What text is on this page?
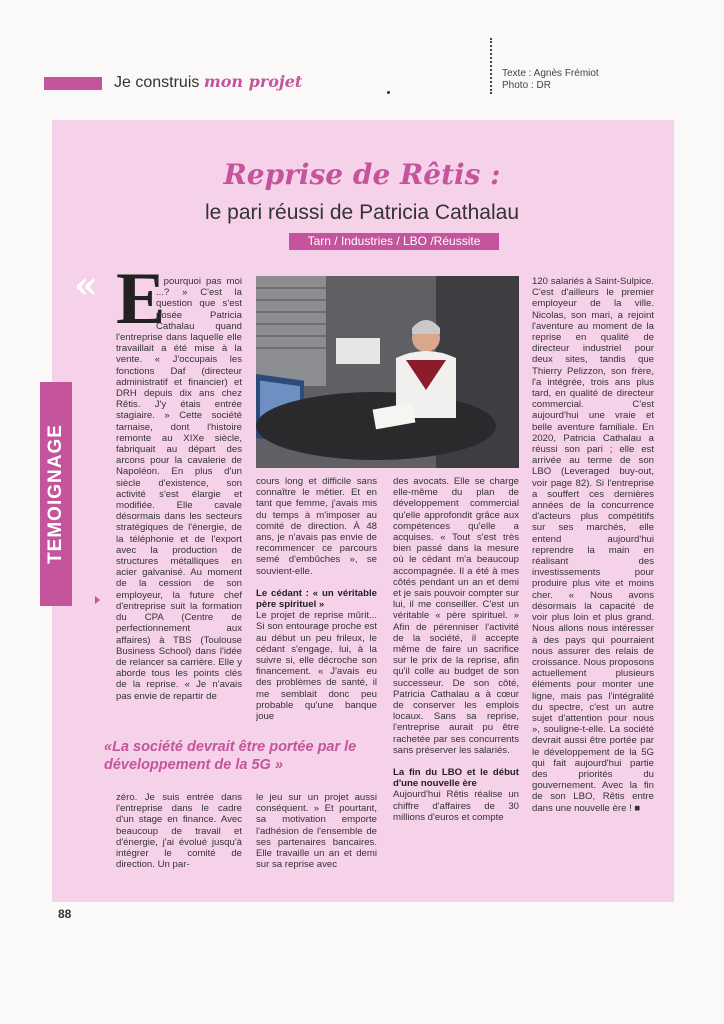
Je construis mon projet	Texte : Agnès Frémiot
Photo : DR
TEMOIGNAGE
Reprise de Rêtis :
le pari réussi de Patricia Cathalau
Tarn / Industries / LBO /Réussite
« E

t pourquoi pas moi ...? » C'est la question que s'est posée Patricia Cathalau quand l'entreprise dans laquelle elle travaillait a été mise à la vente. « J'occupais les fonctions Daf (directeur administratif et financier) et DRH depuis dix ans chez Rêtis. J'y étais entrée stagiaire. » Cette société tarnaise, dont l'histoire remonte au XIXe siècle, fabriquait au départ des arcons pour la cavalerie de Napoléon. En plus d'un siècle d'existence, son activité s'est élargie et modifiée. Elle cavale désormais dans les secteurs stratégiques de l'énergie, de la téléphonie et de l'export avec la production de structures métalliques en acier galvanisé. Au moment de la cession de son employeur, la future chef d'entreprise suit la formation du CPA (Centre de perfectionnement aux affaires) à TBS (Toulouse Business School) dans l'idée de relancer sa carrière. Elle y aborde tous les points clés de la reprise. « Je n'avais pas envie de repartir de

cours long et difficile sans connaître le métier. Et en tant que femme, j'avais mis du temps à m'imposer au comité de direction. À 48 ans, je n'avais pas envie de recommencer ce parcours semé d'embûches », se souvient-elle.

Le cédant : « un véritable père spirituel »

Le projet de reprise mûrit... Si son entourage proche est au début un peu frileux, le cédant s'engage, lui, à la suivre si, elle décroche son financement. « J'avais eu des problèmes de santé, il me semblait donc peu probable qu'une banque joue

des avocats. Elle se charge elle-même du plan de développement commercial qu'elle approfondit grâce aux compétences qu'elle a acquises. « Tout s'est très bien passé dans la mesure où le cédant m'a beaucoup accompagnée. Il a été à mes côtés pendant un an et demi et je sais pouvoir compter sur lui, il me conseiller. C'est un véritable « père spirituel. » Afin de pérenniser l'activité de la société, il accepte même de faire un sacrifice sur le prix de la reprise, afin qu'il colle au budget de son successeur. De son côté, Patricia Cathalau a à cœur de conserver les emplois locaux. Sans sa reprise, l'entreprise aurait pu être rachetée par ses concurrents sans préserver les salariés.

La fin du LBO et le début d'une nouvelle ère

Aujourd'hui Rêtis réalise un chiffre d'affaires de 30 millions d'euros et compte

120 salariés à Saint-Sulpice. C'est d'ailleurs le premier employeur de la ville. Nicolas, son mari, a rejoint l'aventure au moment de la reprise en qualité de directeur industriel pour deux sites, tandis que Thierry Pelizzon, son frère, l'a intégrée, trois ans plus tard, en qualité de directeur commercial. C'est aujourd'hui une vraie et belle aventure familiale. En 2020, Patricia Cathalau a réussi son pari ; elle est arrivée au terme de son LBO (Leveraged buy-out, voir page 82). Si l'entreprise a souffert ces dernières années de la concurrence d'acteurs plus compétitifs sur ses marchés, elle entend aujourd'hui reprendre la main en réalisant des investissements pour produire plus vite et moins cher. « Nous avons désormais la capacité de voir plus loin et plus grand. Nous allons nous intéresser à des pays qui pourraient nous assurer des relais de croissance. Nous proposons actuellement plusieurs éléments pour monter une ligne, mais pas l'intégralité du spectre, c'est un autre sujet d'attention pour nous », souligne-t-elle. La société devrait aussi être portée par le développement de la 5G qui fait aujourd'hui partie des priorités du gouvernement. Avec la fin de son LBO, Rêtis entre dans une nouvelle ère ! ■

«La société devrait être portée par le développement de la 5G »

zéro. Je suis entrée dans l'entreprise dans le cadre d'un stage en finance. Avec beaucoup de travail et d'énergie, j'ai évolué jusqu'à intégrer le comité de direction. Un par-

le jeu sur un projet aussi conséquent. » Et pourtant, sa motivation emporte l'adhésion de l'ensemble de ses partenaires bancaires. Elle travaille un an et demi sur sa reprise avec

88
